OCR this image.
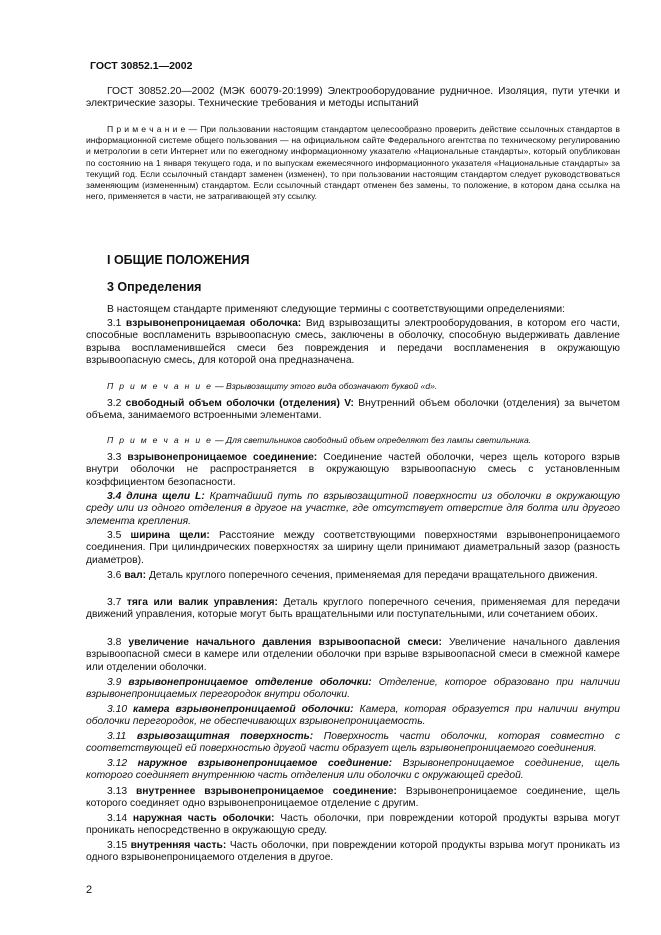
ГОСТ 30852.1—2002
ГОСТ 30852.20—2002 (МЭК 60079-20:1999) Электрооборудование рудничное. Изоляция, пути утечки и электрические зазоры. Технические требования и методы испытаний
П р и м е ч а н и е — При пользовании настоящим стандартом целесообразно проверить действие ссылочных стандартов в информационной системе общего пользования — на официальном сайте Федерального агентства по техническому регулированию и метрологии в сети Интернет или по ежегодному информационному указателю «Национальные стандарты», который опубликован по состоянию на 1 января текущего года, и по выпускам ежемесячного информационного указателя «Национальные стандарты» за текущий год. Если ссылочный стандарт заменен (изменен), то при пользовании настоящим стандартом следует руководствоваться заменяющим (измененным) стандартом. Если ссылочный стандарт отменен без замены, то положение, в котором дана ссылка на него, применяется в части, не затрагивающей эту ссылку.
I ОБЩИЕ ПОЛОЖЕНИЯ
3 Определения
В настоящем стандарте применяют следующие термины с соответствующими определениями:
3.1 взрывонепроницаемая оболочка: Вид взрывозащиты электрооборудования, в котором его части, способные воспламенить взрывоопасную смесь, заключены в оболочку, способную выдерживать давление взрыва воспламенившейся смеси без повреждения и передачи воспламенения в окружающую взрывоопасную смесь, для которой она предназначена.
П р и м е ч а н и е — Взрывозащиту этого вида обозначают буквой «d».
3.2 свободный объем оболочки (отделения) V: Внутренний объем оболочки (отделения) за вычетом объема, занимаемого встроенными элементами.
П р и м е ч а н и е — Для светильников свободный объем определяют без лампы светильника.
3.3 взрывонепроницаемое соединение: Соединение частей оболочки, через щель которого взрыв внутри оболочки не распространяется в окружающую взрывоопасную смесь с установленным коэффициентом безопасности.
3.4 длина щели L: Кратчайший путь по взрывозащитной поверхности из оболочки в окружающую среду или из одного отделения в другое на участке, где отсутствует отверстие для болта или другого элемента крепления.
3.5 ширина щели: Расстояние между соответствующими поверхностями взрывонепроницаемого соединения. При цилиндрических поверхностях за ширину щели принимают диаметральный зазор (разность диаметров).
3.6 вал: Деталь круглого поперечного сечения, применяемая для передачи вращательного движения.
3.7 тяга или валик управления: Деталь круглого поперечного сечения, применяемая для передачи движений управления, которые могут быть вращательными или поступательными, или сочетанием обоих.
3.8 увеличение начального давления взрывоопасной смеси: Увеличение начального давления взрывоопасной смеси в камере или отделении оболочки при взрыве взрывоопасной смеси в смежной камере или отделении оболочки.
3.9 взрывонепроницаемое отделение оболочки: Отделение, которое образовано при наличии взрывонепроницаемых перегородок внутри оболочки.
3.10 камера взрывонепроницаемой оболочки: Камера, которая образуется при наличии внутри оболочки перегородок, не обеспечивающих взрывонепроницаемость.
3.11 взрывозащитная поверхность: Поверхность части оболочки, которая совместно с соответствующей ей поверхностью другой части образует щель взрывонепроницаемого соединения.
3.12 наружное взрывонепроницаемое соединение: Взрывонепроницаемое соединение, щель которого соединяет внутреннюю часть отделения или оболочки с окружающей средой.
3.13 внутреннее взрывонепроницаемое соединение: Взрывонепроницаемое соединение, щель которого соединяет одно взрывонепроницаемое отделение с другим.
3.14 наружная часть оболочки: Часть оболочки, при повреждении которой продукты взрыва могут проникать непосредственно в окружающую среду.
3.15 внутренняя часть: Часть оболочки, при повреждении которой продукты взрыва могут проникать из одного взрывонепроницаемого отделения в другое.
2
